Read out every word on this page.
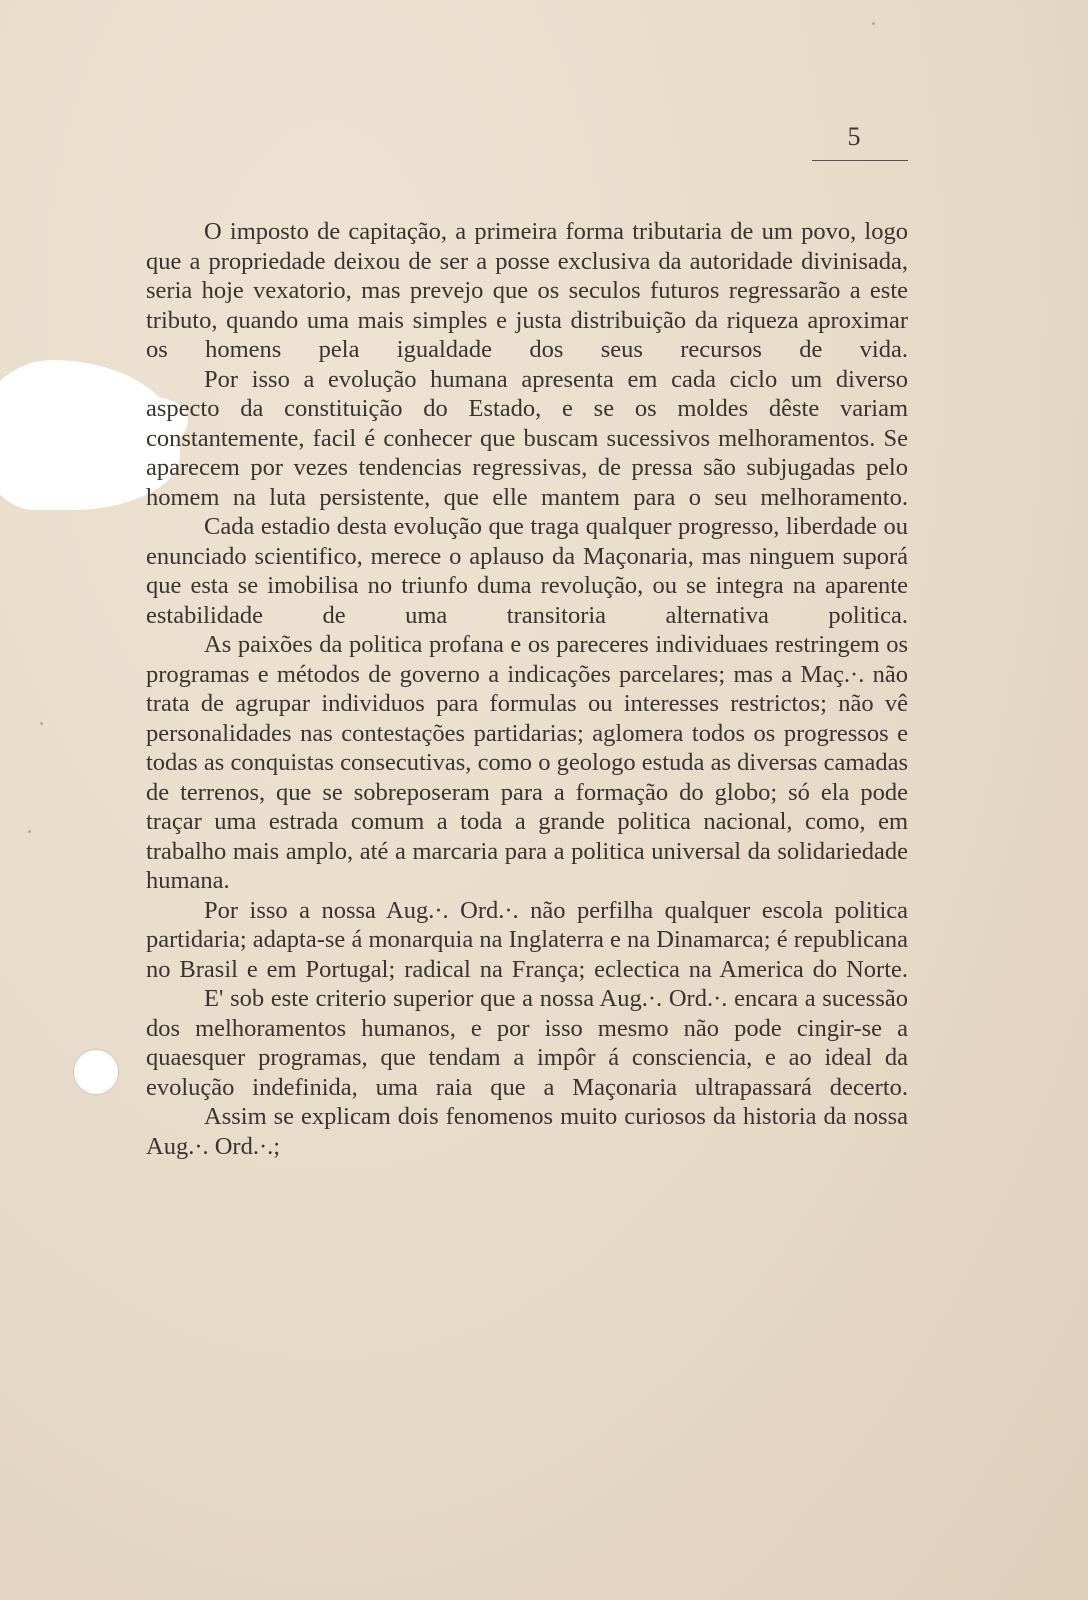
5

O imposto de capitação, a primeira forma tributaria de um povo, logo que a propriedade deixou de ser a posse exclusiva da autoridade divinisada, seria hoje vexatorio, mas prevejo que os seculos futuros regressarão a este tributo, quando uma mais simples e justa distribuição da riqueza aproximar os homens pela igualdade dos seus recursos de vida.

Por isso a evolução humana apresenta em cada ciclo um diverso aspecto da constituição do Estado, e se os moldes dêste variam constantemente, facil é conhecer que buscam sucessivos melhoramentos. Se aparecem por vezes tendencias regressivas, de pressa são subjugadas pelo homem na luta persistente, que elle mantem para o seu melhoramento.

Cada estadio desta evolução que traga qualquer progresso, liberdade ou enunciado scientifico, merece o aplauso da Maçonaria, mas ninguem suporá que esta se imobilisa no triunfo duma revolução, ou se integra na aparente estabilidade de uma transitoria alternativa politica.

As paixões da politica profana e os pareceres individuaes restringem os programas e métodos de governo a indicações parcelares; mas a Maç.·. não trata de agrupar individuos para formulas ou interesses restrictos; não vê personalidades nas contestações partidarias; aglomera todos os progressos e todas as conquistas consecutivas, como o geologo estuda as diversas camadas de terrenos, que se sobreposeram para a formação do globo; só ela pode traçar uma estrada comum a toda a grande politica nacional, como, em trabalho mais amplo, até a marcaria para a politica universal da solidariedade humana.

Por isso a nossa Aug.·. Ord.·. não perfilha qualquer escola politica partidaria; adapta-se á monarquia na Inglaterra e na Dinamarca; é republicana no Brasil e em Portugal; radical na França; eclectica na America do Norte.

E' sob este criterio superior que a nossa Aug.·. Ord.·. encara a sucessão dos melhoramentos humanos, e por isso mesmo não pode cingir-se a quaesquer programas, que tendam a impôr á consciencia, e ao ideal da evolução indefinida, uma raia que a Maçonaria ultrapassará decerto.

Assim se explicam dois fenomenos muito curiosos da historia da nossa Aug.·. Ord.·.;
